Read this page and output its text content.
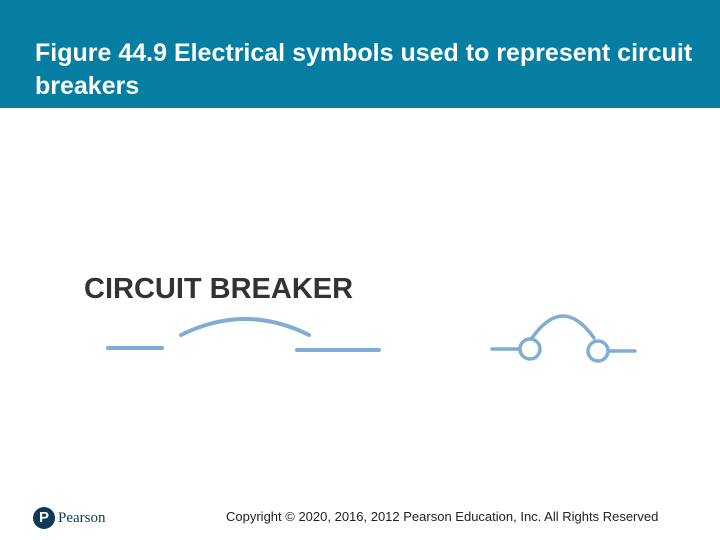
Figure 44.9 Electrical symbols used to represent circuit breakers
CIRCUIT BREAKER
P Pearson	Copyright © 2020, 2016, 2012 Pearson Education, Inc. All Rights Reserved
